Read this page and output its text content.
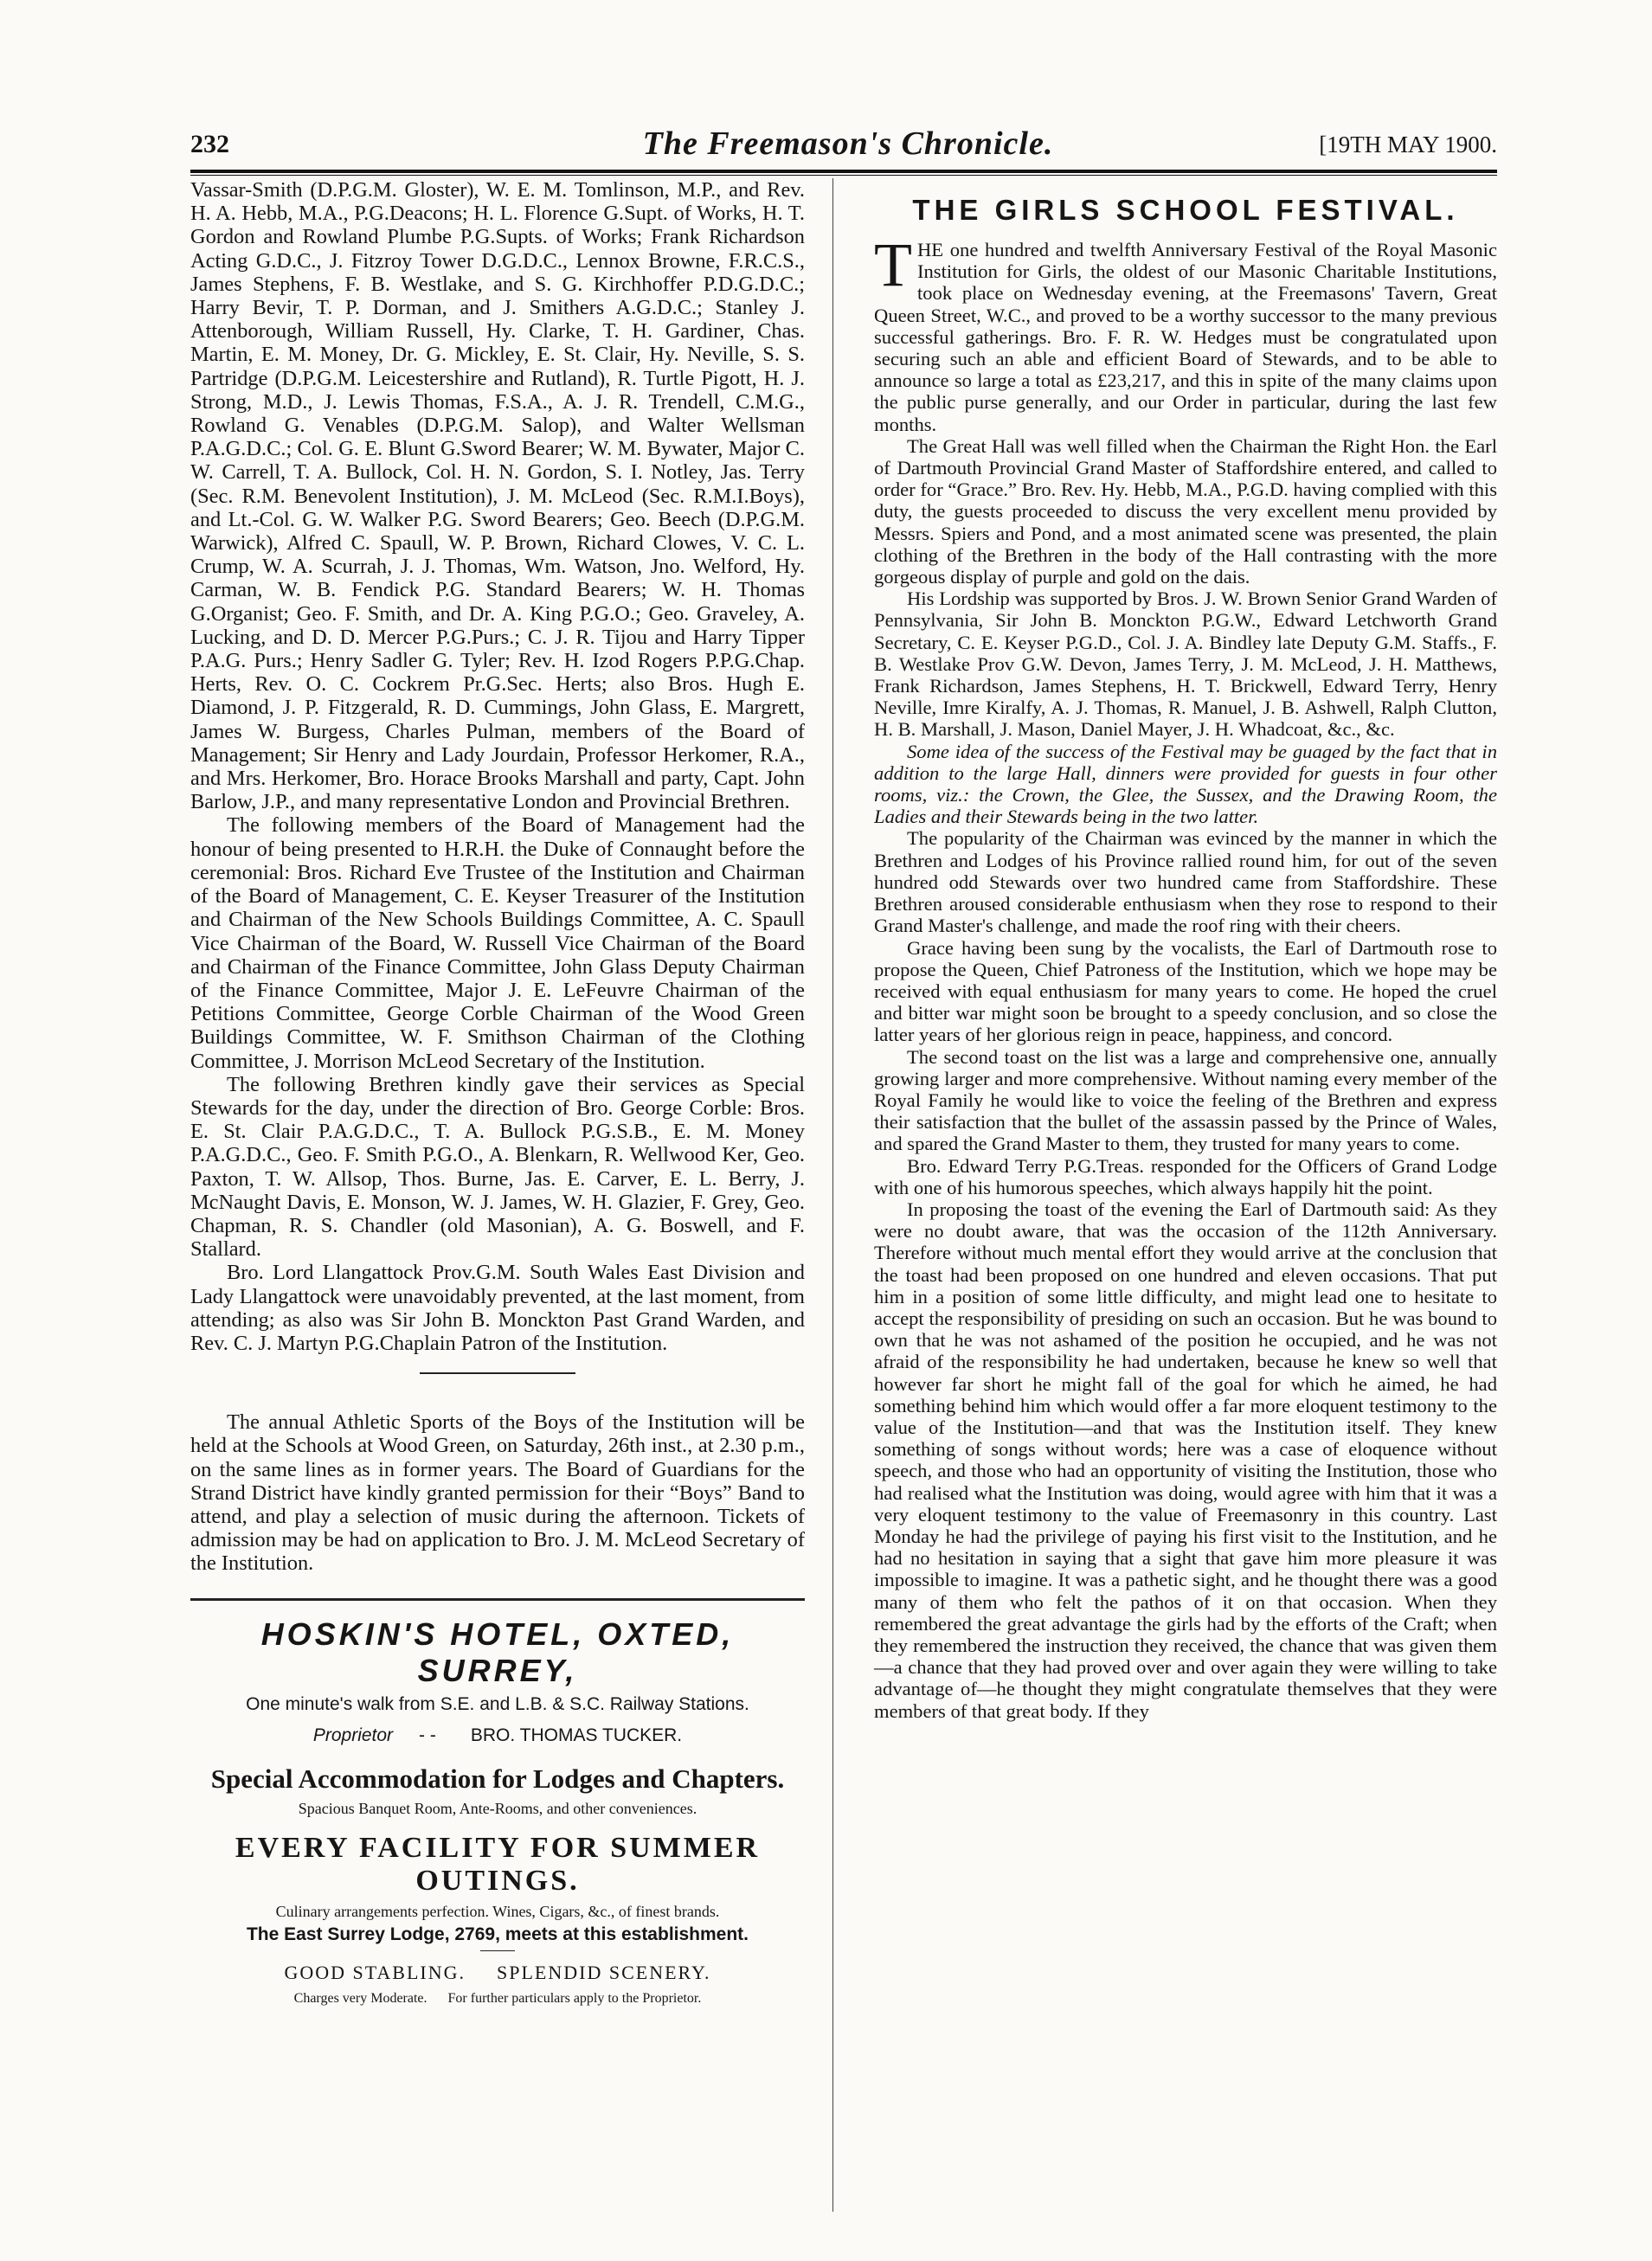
232	The Freemason's Chronicle.	[19TH MAY 1900.

Vassar-Smith (D.P.G.M. Gloster), W. E. M. Tomlinson, M.P., and Rev. H. A. Hebb, M.A., P.G.Deacons; H. L. Florence G.Supt. of Works, H. T. Gordon and Rowland Plumbe P.G.Supts. of Works; Frank Richardson Acting G.D.C., J. Fitzroy Tower D.G.D.C., Lennox Browne, F.R.C.S., James Stephens, F. B. Westlake, and S. G. Kirchhoffer P.D.G.D.C.; Harry Bevir, T. P. Dorman, and J. Smithers A.G.D.C.; Stanley J. Attenborough, William Russell, Hy. Clarke, T. H. Gardiner, Chas. Martin, E. M. Money, Dr. G. Mickley, E. St. Clair, Hy. Neville, S. S. Partridge (D.P.G.M. Leicestershire and Rutland), R. Turtle Pigott, H. J. Strong, M.D., J. Lewis Thomas, F.S.A., A. J. R. Trendell, C.M.G., Rowland G. Venables (D.P.G.M. Salop), and Walter Wellsman P.A.G.D.C.; Col. G. E. Blunt G.Sword Bearer; W. M. Bywater, Major C. W. Carrell, T. A. Bullock, Col. H. N. Gordon, S. I. Notley, Jas. Terry (Sec. R.M. Benevolent Institution), J. M. McLeod (Sec. R.M.I.Boys), and Lt.-Col. G. W. Walker P.G. Sword Bearers; Geo. Beech (D.P.G.M. Warwick), Alfred C. Spaull, W. P. Brown, Richard Clowes, V. C. L. Crump, W. A. Scurrah, J. J. Thomas, Wm. Watson, Jno. Welford, Hy. Carman, W. B. Fendick P.G. Standard Bearers; W. H. Thomas G.Organist; Geo. F. Smith, and Dr. A. King P.G.O.; Geo. Graveley, A. Lucking, and D. D. Mercer P.G.Purs.; C. J. R. Tijou and Harry Tipper P.A.G. Purs.; Henry Sadler G. Tyler; Rev. H. Izod Rogers P.P.G.Chap. Herts, Rev. O. C. Cockrem Pr.G.Sec. Herts; also Bros. Hugh E. Diamond, J. P. Fitzgerald, R. D. Cummings, John Glass, E. Margrett, James W. Burgess, Charles Pulman, members of the Board of Management; Sir Henry and Lady Jourdain, Professor Herkomer, R.A., and Mrs. Herkomer, Bro. Horace Brooks Marshall and party, Capt. John Barlow, J.P., and many representative London and Provincial Brethren.

The following members of the Board of Management had the honour of being presented to H.R.H. the Duke of Connaught before the ceremonial: Bros. Richard Eve Trustee of the Institution and Chairman of the Board of Management, C. E. Keyser Treasurer of the Institution and Chairman of the New Schools Buildings Committee, A. C. Spaull Vice Chairman of the Board, W. Russell Vice Chairman of the Board and Chairman of the Finance Committee, John Glass Deputy Chairman of the Finance Committee, Major J. E. LeFeuvre Chairman of the Petitions Committee, George Corble Chairman of the Wood Green Buildings Committee, W. F. Smithson Chairman of the Clothing Committee, J. Morrison McLeod Secretary of the Institution.

The following Brethren kindly gave their services as Special Stewards for the day, under the direction of Bro. George Corble: Bros. E. St. Clair P.A.G.D.C., T. A. Bullock P.G.S.B., E. M. Money P.A.G.D.C., Geo. F. Smith P.G.O., A. Blenkarn, R. Wellwood Ker, Geo. Paxton, T. W. Allsop, Thos. Burne, Jas. E. Carver, E. L. Berry, J. McNaught Davis, E. Monson, W. J. James, W. H. Glazier, F. Grey, Geo. Chapman, R. S. Chandler (old Masonian), A. G. Boswell, and F. Stallard.

Bro. Lord Llangattock Prov.G.M. South Wales East Division and Lady Llangattock were unavoidably prevented, at the last moment, from attending; as also was Sir John B. Monckton Past Grand Warden, and Rev. C. J. Martyn P.G.Chaplain Patron of the Institution.

The annual Athletic Sports of the Boys of the Institution will be held at the Schools at Wood Green, on Saturday, 26th inst., at 2.30 p.m., on the same lines as in former years. The Board of Guardians for the Strand District have kindly granted permission for their “Boys” Band to attend, and play a selection of music during the afternoon. Tickets of admission may be had on application to Bro. J. M. McLeod Secretary of the Institution.

HOSKIN'S HOTEL, OXTED, SURREY,
One minute's walk from S.E. and L.B. & S.C. Railway Stations.
Proprietor - - BRO. THOMAS TUCKER.
Special Accommodation for Lodges and Chapters.
Spacious Banquet Room, Ante-Rooms, and other conveniences.
EVERY FACILITY FOR SUMMER OUTINGS.
Culinary arrangements perfection. Wines, Cigars, &c., of finest brands.
The East Surrey Lodge, 2769, meets at this establishment.
GOOD STABLING. SPLENDID SCENERY.
Charges very Moderate. For further particulars apply to the Proprietor.
THE GIRLS SCHOOL FESTIVAL.

THE one hundred and twelfth Anniversary Festival of the Royal Masonic Institution for Girls, the oldest of our Masonic Charitable Institutions, took place on Wednesday evening, at the Freemasons' Tavern, Great Queen Street, W.C., and proved to be a worthy successor to the many previous successful gatherings. Bro. F. R. W. Hedges must be congratulated upon securing such an able and efficient Board of Stewards, and to be able to announce so large a total as £23,217, and this in spite of the many claims upon the public purse generally, and our Order in particular, during the last few months.

The Great Hall was well filled when the Chairman the Right Hon. the Earl of Dartmouth Provincial Grand Master of Staffordshire entered, and called to order for “Grace.” Bro. Rev. Hy. Hebb, M.A., P.G.D. having complied with this duty, the guests proceeded to discuss the very excellent menu provided by Messrs. Spiers and Pond, and a most animated scene was presented, the plain clothing of the Brethren in the body of the Hall contrasting with the more gorgeous display of purple and gold on the dais.

His Lordship was supported by Bros. J. W. Brown Senior Grand Warden of Pennsylvania, Sir John B. Monckton P.G.W., Edward Letchworth Grand Secretary, C. E. Keyser P.G.D., Col. J. A. Bindley late Deputy G.M. Staffs., F. B. Westlake Prov G.W. Devon, James Terry, J. M. McLeod, J. H. Matthews, Frank Richardson, James Stephens, H. T. Brickwell, Edward Terry, Henry Neville, Imre Kiralfy, A. J. Thomas, R. Manuel, J. B. Ashwell, Ralph Clutton, H. B. Marshall, J. Mason, Daniel Mayer, J. H. Whadcoat, &c., &c.

Some idea of the success of the Festival may be guaged by the fact that in addition to the large Hall, dinners were provided for guests in four other rooms, viz.: the Crown, the Glee, the Sussex, and the Drawing Room, the Ladies and their Stewards being in the two latter.

The popularity of the Chairman was evinced by the manner in which the Brethren and Lodges of his Province rallied round him, for out of the seven hundred odd Stewards over two hundred came from Staffordshire. These Brethren aroused considerable enthusiasm when they rose to respond to their Grand Master's challenge, and made the roof ring with their cheers.

Grace having been sung by the vocalists, the Earl of Dartmouth rose to propose the Queen, Chief Patroness of the Institution, which we hope may be received with equal enthusiasm for many years to come. He hoped the cruel and bitter war might soon be brought to a speedy conclusion, and so close the latter years of her glorious reign in peace, happiness, and concord.

The second toast on the list was a large and comprehensive one, annually growing larger and more comprehensive. Without naming every member of the Royal Family he would like to voice the feeling of the Brethren and express their satisfaction that the bullet of the assassin passed by the Prince of Wales, and spared the Grand Master to them, they trusted for many years to come.

Bro. Edward Terry P.G.Treas. responded for the Officers of Grand Lodge with one of his humorous speeches, which always happily hit the point.

In proposing the toast of the evening the Earl of Dartmouth said: As they were no doubt aware, that was the occasion of the 112th Anniversary. Therefore without much mental effort they would arrive at the conclusion that the toast had been proposed on one hundred and eleven occasions. That put him in a position of some little difficulty, and might lead one to hesitate to accept the responsibility of presiding on such an occasion. But he was bound to own that he was not ashamed of the position he occupied, and he was not afraid of the responsibility he had undertaken, because he knew so well that however far short he might fall of the goal for which he aimed, he had something behind him which would offer a far more eloquent testimony to the value of the Institution—and that was the Institution itself. They knew something of songs without words; here was a case of eloquence without speech, and those who had an opportunity of visiting the Institution, those who had realised what the Institution was doing, would agree with him that it was a very eloquent testimony to the value of Freemasonry in this country. Last Monday he had the privilege of paying his first visit to the Institution, and he had no hesitation in saying that a sight that gave him more pleasure it was impossible to imagine. It was a pathetic sight, and he thought there was a good many of them who felt the pathos of it on that occasion. When they remembered the great advantage the girls had by the efforts of the Craft; when they remembered the instruction they received, the chance that was given them—a chance that they had proved over and over again they were willing to take advantage of—he thought they might congratulate themselves that they were members of that great body. If they
